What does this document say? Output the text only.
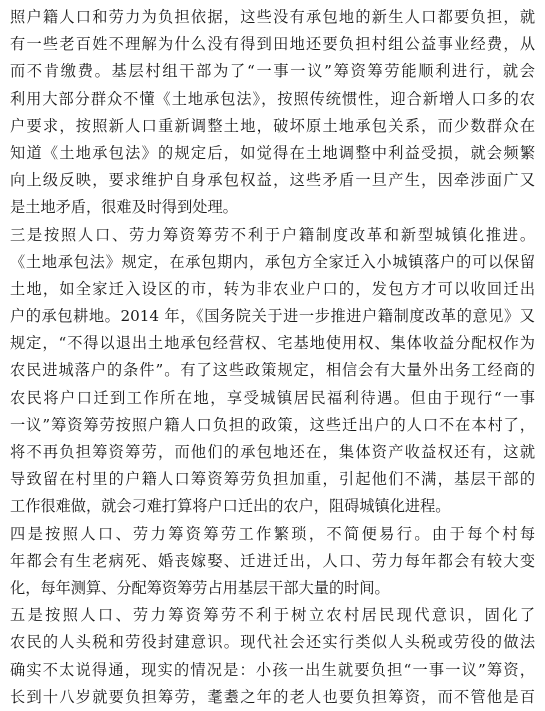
照户籍人口和劳力为负担依据，这些没有承包地的新生人口都要负担，就
有一些老百姓不理解为什么没有得到田地还要负担村组公益事业经费，从
而不肯缴费。基层村组干部为了“一事一议”筹资筹劳能顺利进行，就会
利用大部分群众不懂《土地承包法》，按照传统惯性，迎合新增人口多的农
户要求，按照新人口重新调整土地，破坏原土地承包关系，而少数群众在
知道《土地承包法》的规定后，如觉得在土地调整中利益受损，就会频繁
向上级反映，要求维护自身承包权益，这些矛盾一旦产生，因牵涉面广又
是土地矛盾，很难及时得到处理。
三是按照人口、劳力筹资筹劳不利于户籍制度改革和新型城镇化推进。
《土地承包法》规定，在承包期内，承包方全家迁入小城镇落户的可以保留
土地，如全家迁入设区的市，转为非农业户口的，发包方才可以收回迁出
户的承包耕地。2014 年，《国务院关于进一步推进户籍制度改革的意见》又
规定，“不得以退出土地承包经营权、宅基地使用权、集体收益分配权作为
农民进城落户的条件”。有了这些政策规定，相信会有大量外出务工经商的
农民将户口迁到工作所在地，享受城镇居民福利待遇。但由于现行“一事
一议”筹资筹劳按照户籍人口负担的政策，这些迁出户的人口不在本村了，
将不再负担筹资筹劳，而他们的承包地还在，集体资产收益权还有，这就
导致留在村里的户籍人口筹资筹劳负担加重，引起他们不满，基层干部的
工作很难做，就会刁难打算将户口迁出的农户，阻碍城镇化进程。
四是按照人口、劳力筹资筹劳工作繁琐，不简便易行。由于每个村每
年都会有生老病死、婚丧嫁娶、迁进迁出，人口、劳力每年都会有较大变
化，每年测算、分配筹资筹劳占用基层干部大量的时间。
五是按照人口、劳力筹资筹劳不利于树立农村居民现代意识，固化了
农民的人头税和劳役封建意识。现代社会还实行类似人头税或劳役的做法
确实不太说得通，现实的情况是：小孩一出生就要负担“一事一议”筹资，
长到十八岁就要负担筹劳，耄耋之年的老人也要负担筹资，而不管他是百
